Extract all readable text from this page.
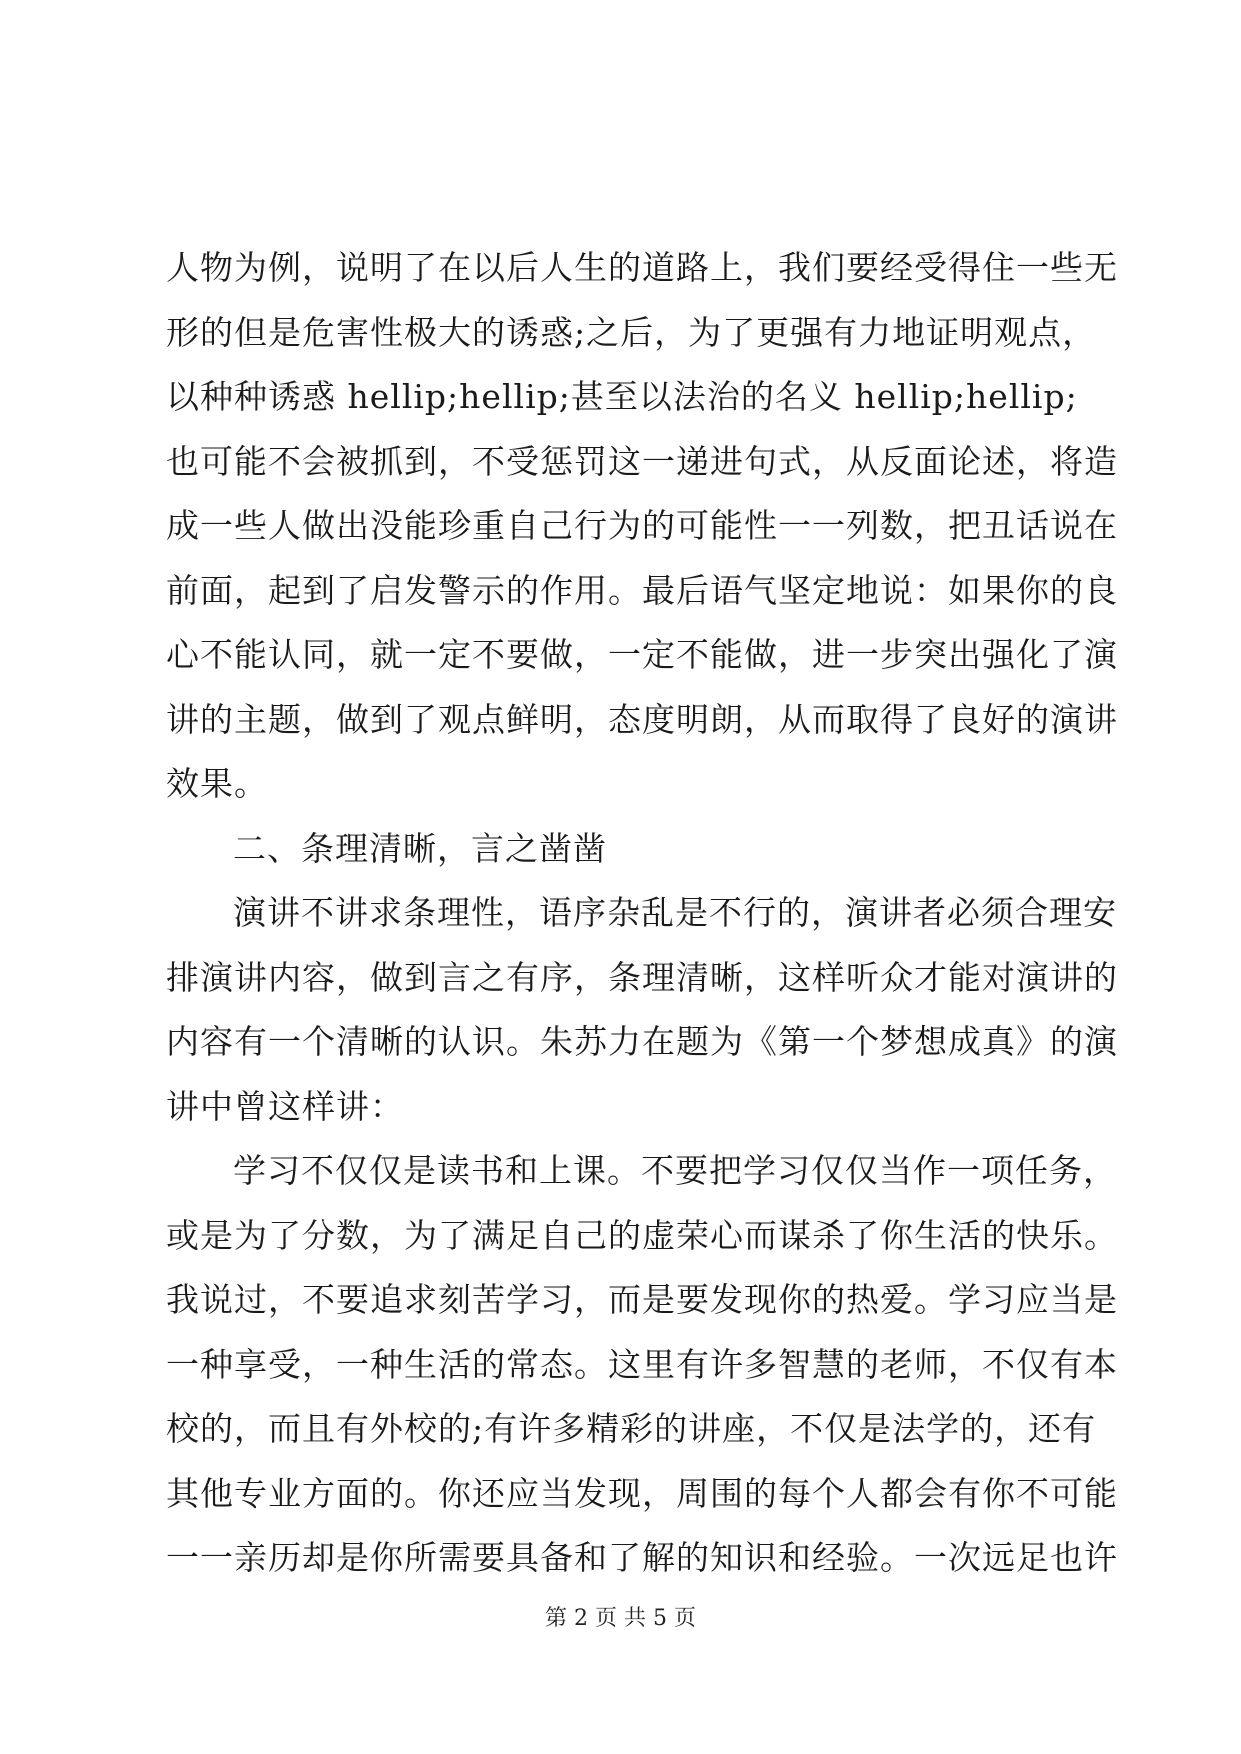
人物为例，说明了在以后人生的道路上，我们要经受得住一些无
形的但是危害性极大的诱惑;之后，为了更强有力地证明观点，
以种种诱惑 hellip;hellip;甚至以法治的名义 hellip;hellip;
也可能不会被抓到，不受惩罚这一递进句式，从反面论述，将造
成一些人做出没能珍重自己行为的可能性一一列数，把丑话说在
前面，起到了启发警示的作用。最后语气坚定地说：如果你的良
心不能认同，就一定不要做，一定不能做，进一步突出强化了演
讲的主题，做到了观点鲜明，态度明朗，从而取得了良好的演讲
效果。
二、条理清晰，言之凿凿
演讲不讲求条理性，语序杂乱是不行的，演讲者必须合理安
排演讲内容，做到言之有序，条理清晰，这样听众才能对演讲的
内容有一个清晰的认识。朱苏力在题为《第一个梦想成真》的演
讲中曾这样讲：
学习不仅仅是读书和上课。不要把学习仅仅当作一项任务，
或是为了分数，为了满足自己的虚荣心而谋杀了你生活的快乐。
我说过，不要追求刻苦学习，而是要发现你的热爱。学习应当是
一种享受，一种生活的常态。这里有许多智慧的老师，不仅有本
校的，而且有外校的;有许多精彩的讲座，不仅是法学的，还有
其他专业方面的。你还应当发现，周围的每个人都会有你不可能
一一亲历却是你所需要具备和了解的知识和经验。一次远足也许
第 2 页 共 5 页
